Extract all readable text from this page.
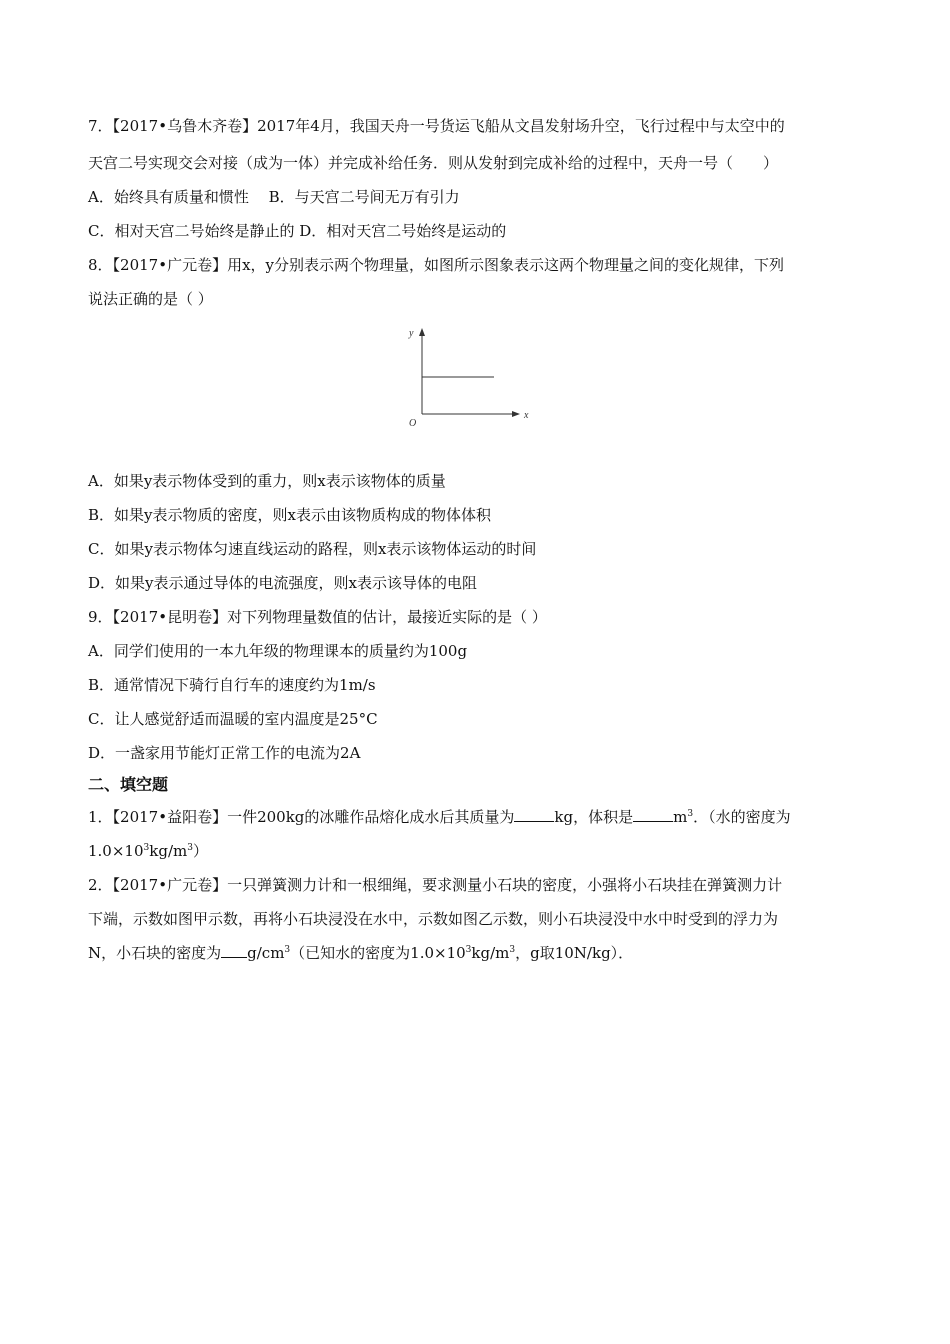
7．【2017•乌鲁木齐卷】2017年4月，我国天舟一号货运飞船从文昌发射场升空，飞行过程中与太空中的
天宫二号实现交会对接（成为一体）并完成补给任务．则从发射到完成补给的过程中，天舟一号（　　）
A．始终具有质量和惯性　 B．与天宫二号间无万有引力
C．相对天宫二号始终是静止的 D．相对天宫二号始终是运动的
8．【2017•广元卷】用x，y分别表示两个物理量，如图所示图象表示这两个物理量之间的变化规律，下列
说法正确的是（ ）
y
x
O
A．如果y表示物体受到的重力，则x表示该物体的质量
B．如果y表示物质的密度，则x表示由该物质构成的物体体积
C．如果y表示物体匀速直线运动的路程，则x表示该物体运动的时间
D．如果y表示通过导体的电流强度，则x表示该导体的电阻
9．【2017•昆明卷】对下列物理量数值的估计，最接近实际的是（ ）
A．同学们使用的一本九年级的物理课本的质量约为100g
B．通常情况下骑行自行车的速度约为1m/s
C．让人感觉舒适而温暖的室内温度是25°C
D．一盏家用节能灯正常工作的电流为2A
二、填空题
1．【2017•益阳卷】一件200kg的冰雕作品熔化成水后其质量为	kg，体积是	$m^3$．（水的密度为
$1.0\times 10^3kg/m^3$）
2．【2017•广元卷】一只弹簧测力计和一根细绳，要求测量小石块的密度，小强将小石块挂在弹簧测力计
下端，示数如图甲示数，再将小石块浸没在水中，示数如图乙示数，则小石块浸没中水中时受到的浮力为
N，小石块的密度为 $g/cm^3$（已知水的密度为$1.0\times 10^3kg/m^3$，g取10N/kg）．
